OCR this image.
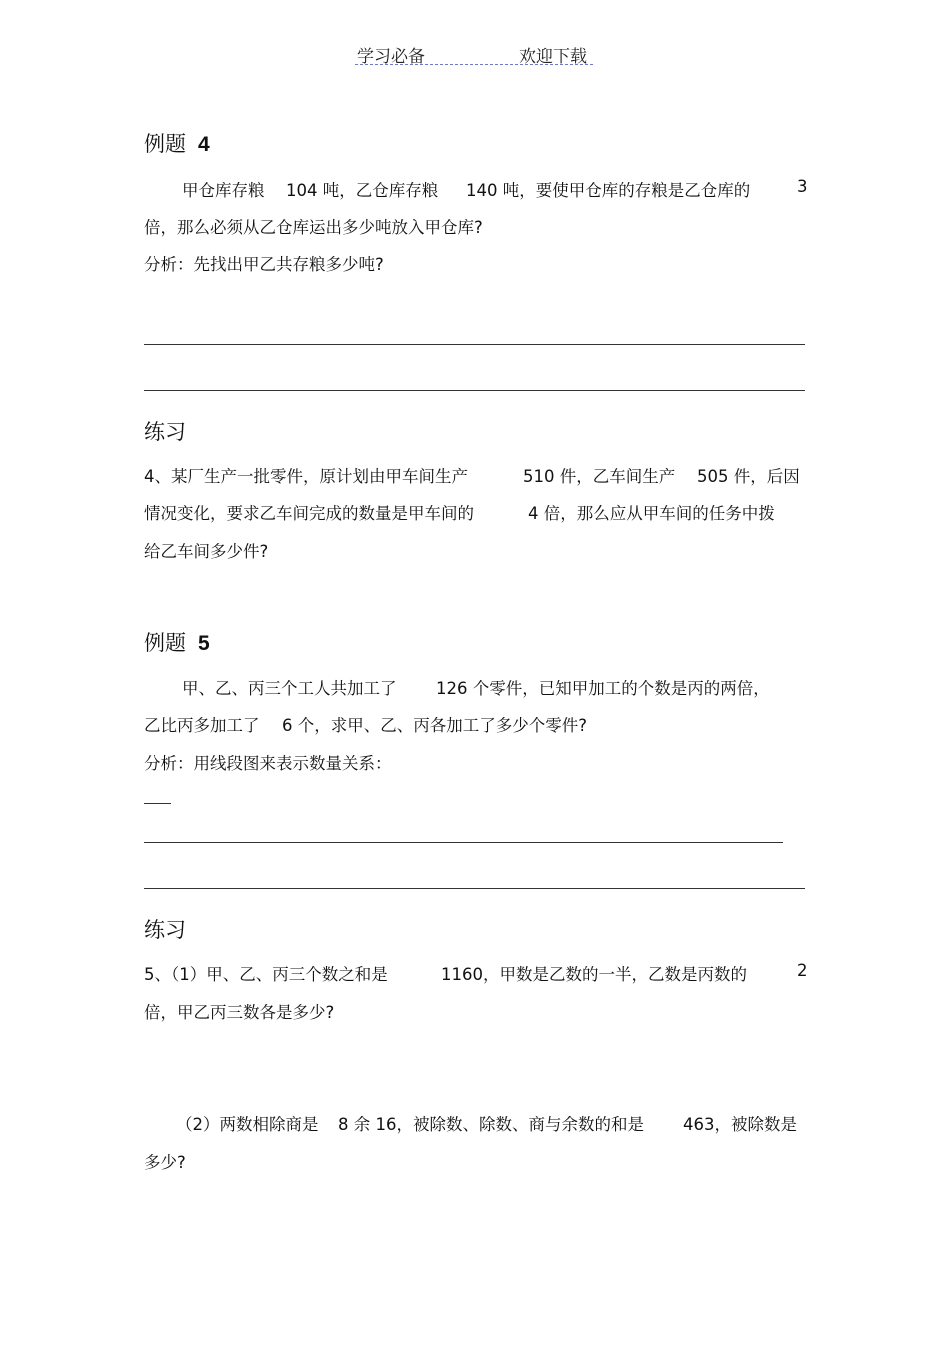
学习必备	欢迎下载
例题 4
甲仓库存粮 104 吨，乙仓库存粮 140 吨，要使甲仓库的存粮是乙仓库的	3
倍，那么必须从乙仓库运出多少吨放入甲仓库?
分析：先找出甲乙共存粮多少吨?
练习
4、某厂生产一批零件，原计划由甲车间生产	510 件，乙车间生产 505 件，后因
情况变化，要求乙车间完成的数量是甲车间的	4 倍，那么应从甲车间的任务中拨
给乙车间多少件?
例题 5
甲、乙、丙三个工人共加工了 126 个零件，已知甲加工的个数是丙的两倍，
乙比丙多加工了 6 个，求甲、乙、丙各加工了多少个零件?
分析：用线段图来表示数量关系：
练习
5、（1）甲、乙、丙三个数之和是	1160，甲数是乙数的一半，乙数是丙数的	2
倍，甲乙丙三数各是多少?
（2）两数相除商是 8 余 16，被除数、除数、商与余数的和是 463，被除数是
多少?
